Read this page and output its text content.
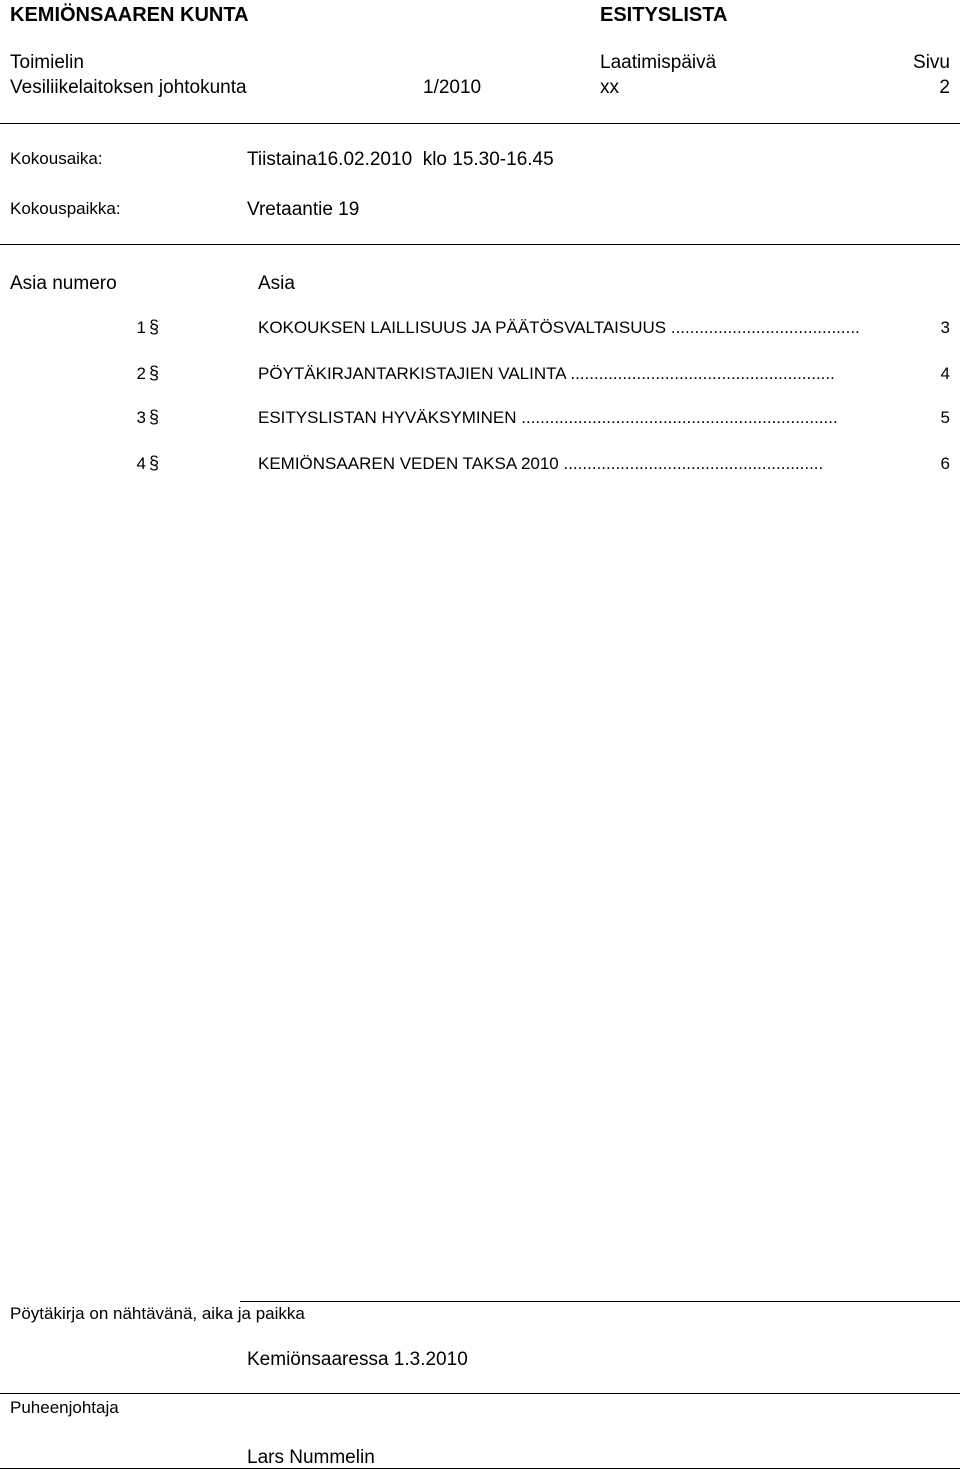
KEMIÖNSAAREN KUNTA	ESITYSLISTA
Toimielin	Laatimispäivä	Sivu
Vesiliikelaitoksen johtokunta	1/2010	xx	2
Kokousaika:	Tiistaina16.02.2010  klo 15.30-16.45
Kokouspaikka:	Vretaantie 19
Asia numero	Asia
1 §	KOKOUKSEN LAILLISUUS JA PÄÄTÖSVALTAISUUS ........................................	3
2 §	PÖYTÄKIRJANTARKISTAJIEN VALINTA ........................................................	4
3 §	ESITYSLISTAN HYVÄKSYMINEN ...................................................................	5
4 §	KEMIÖNSAAREN VEDEN TAKSA 2010 .......................................................	6
Pöytäkirja on nähtävänä, aika ja paikka
Kemiönsaaressa 1.3.2010
Puheenjohtaja
Lars Nummelin
